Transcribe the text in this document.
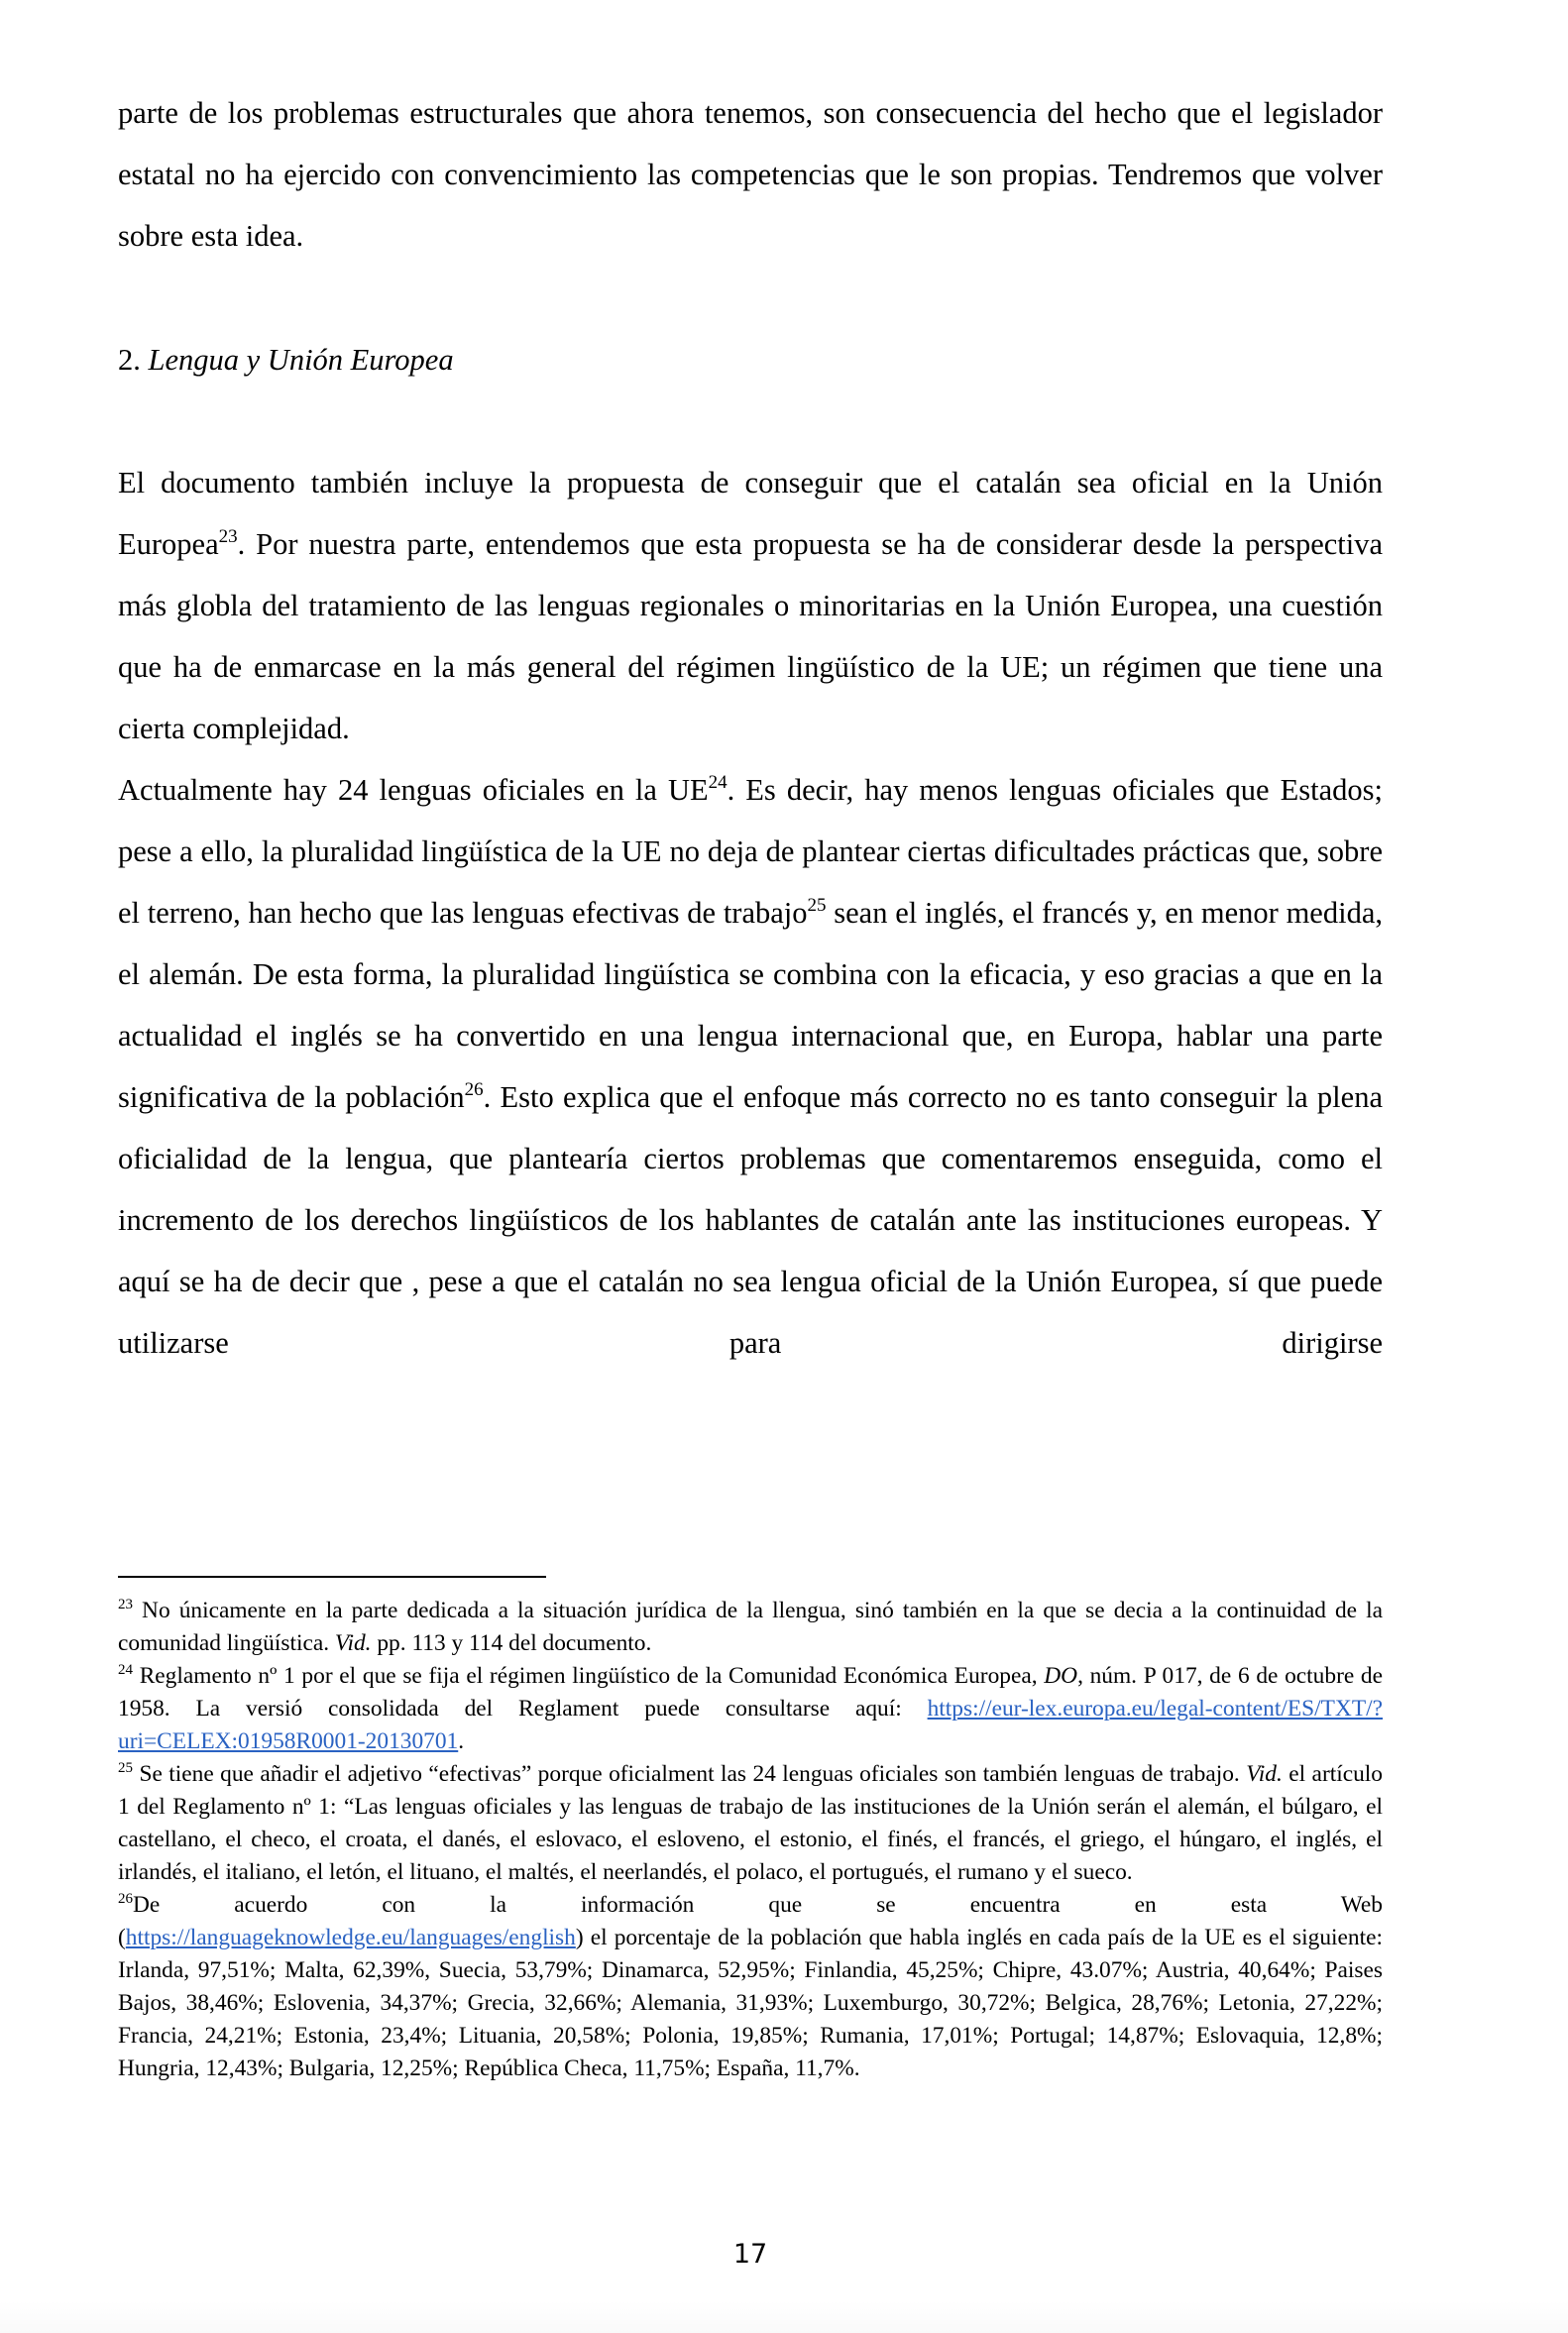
parte de los problemas estructurales que ahora tenemos, son consecuencia del hecho que el legislador estatal no ha ejercido con convencimiento las competencias que le son propias. Tendremos que volver sobre esta idea.

2. Lengua y Unión Europea

El documento también incluye la propuesta de conseguir que el catalán sea oficial en la Unión Europea$^{23}$. Por nuestra parte, entendemos que esta propuesta se ha de considerar desde la perspectiva más globla del tratamiento de las lenguas regionales o minoritarias en la Unión Europea, una cuestión que ha de enmarcase en la más general del régimen lingüístico de la UE; un régimen que tiene una cierta complejidad.

Actualmente hay 24 lenguas oficiales en la UE$^{24}$. Es decir, hay menos lenguas oficiales que Estados; pese a ello, la pluralidad lingüística de la UE no deja de plantear ciertas dificultades prácticas que, sobre el terreno, han hecho que las lenguas efectivas de trabajo$^{25}$ sean el inglés, el francés y, en menor medida, el alemán. De esta forma, la pluralidad lingüística se combina con la eficacia, y eso gracias a que en la actualidad el inglés se ha convertido en una lengua internacional que, en Europa, hablar una parte significativa de la población$^{26}$. Esto explica que el enfoque más correcto no es tanto conseguir la plena oficialidad de la lengua, que plantearía ciertos problemas que comentaremos enseguida, como el incremento de los derechos lingüísticos de los hablantes de catalán ante las instituciones europeas. Y aquí se ha de decir que , pese a que el catalán no sea lengua oficial de la Unión Europea, sí que puede utilizarse para dirigirse

$^{23}$ No únicamente en la parte dedicada a la situación jurídica de la llengua, sinó también en la que se decia a la continuidad de la comunidad lingüística. Vid. pp. 113 y 114 del documento.

$^{24}$ Reglamento nº 1 por el que se fija el régimen lingüístico de la Comunidad Económica Europea, DO, núm. P 017, de 6 de octubre de 1958. La versió consolidada del Reglament puede consultarse aquí: https://eur-lex.europa.eu/legal-content/ES/TXT/?uri=CELEX:01958R0001-20130701.

$^{25}$ Se tiene que añadir el adjetivo “efectivas” porque oficialment las 24 lenguas oficiales son también lenguas de trabajo. Vid. el artículo 1 del Reglamento nº 1: “Las lenguas oficiales y las lenguas de trabajo de las instituciones de la Unión serán el alemán, el búlgaro, el castellano, el checo, el croata, el danés, el eslovaco, el esloveno, el estonio, el finés, el francés, el griego, el húngaro, el inglés, el irlandés, el italiano, el letón, el lituano, el maltés, el neerlandés, el polaco, el portugués, el rumano y el sueco.

$^{26}$De acuerdo con la información que se encuentra en esta Web
(https://languageknowledge.eu/languages/english) el porcentaje de la población que habla inglés en cada país de la UE es el siguiente: Irlanda, 97,51%; Malta, 62,39%, Suecia, 53,79%; Dinamarca, 52,95%; Finlandia, 45,25%; Chipre, 43.07%; Austria, 40,64%; Paises Bajos, 38,46%; Eslovenia, 34,37%; Grecia, 32,66%; Alemania, 31,93%; Luxemburgo, 30,72%; Belgica, 28,76%; Letonia, 27,22%; Francia, 24,21%; Estonia, 23,4%; Lituania, 20,58%; Polonia, 19,85%; Rumania, 17,01%; Portugal; 14,87%; Eslovaquia, 12,8%; Hungria, 12,43%; Bulgaria, 12,25%; República Checa, 11,75%; España, 11,7%.

17
